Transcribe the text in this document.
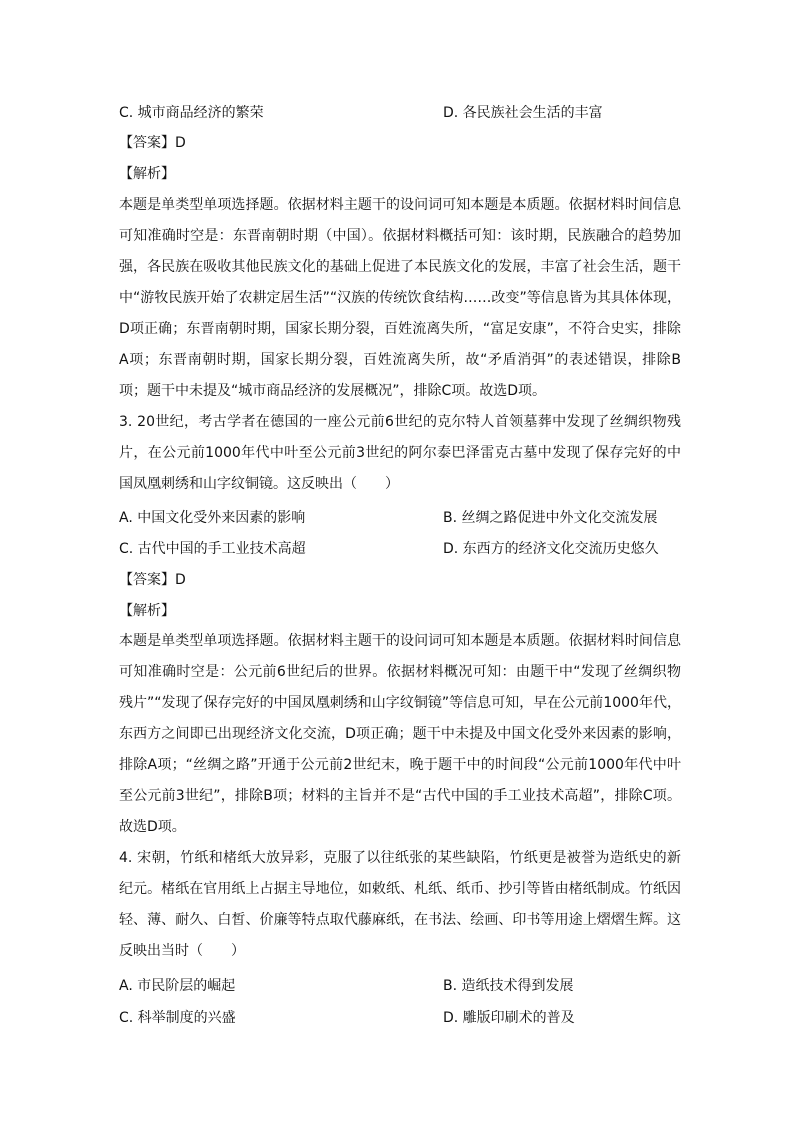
C. 城市商品经济的繁荣	D. 各民族社会生活的丰富
【答案】D
【解析】
本题是单类型单项选择题。依据材料主题干的设问词可知本题是本质题。依据材料时间信息可知准确时空是：东晋南朝时期（中国）。依据材料概括可知：该时期，民族融合的趋势加强，各民族在吸收其他民族文化的基础上促进了本民族文化的发展，丰富了社会生活，题干中“游牧民族开始了农耕定居生活”“汉族的传统饮食结构……改变”等信息皆为其具体体现，D项正确；东晋南朝时期，国家长期分裂，百姓流离失所，“富足安康”，不符合史实，排除A项；东晋南朝时期，国家长期分裂，百姓流离失所，故“矛盾消弭”的表述错误，排除B项；题干中未提及“城市商品经济的发展概况”，排除C项。故选D项。
3. 20世纪，考古学者在德国的一座公元前6世纪的克尔特人首领墓葬中发现了丝绸织物残片，在公元前1000年代中叶至公元前3世纪的阿尔泰巴泽雷克古墓中发现了保存完好的中国凤凰刺绣和山字纹铜镜。这反映出（　　）
A. 中国文化受外来因素的影响	B. 丝绸之路促进中外文化交流发展
C. 古代中国的手工业技术高超	D. 东西方的经济文化交流历史悠久
【答案】D
【解析】
本题是单类型单项选择题。依据材料主题干的设问词可知本题是本质题。依据材料时间信息可知准确时空是：公元前6世纪后的世界。依据材料概况可知：由题干中“发现了丝绸织物残片”“发现了保存完好的中国凤凰刺绣和山字纹铜镜”等信息可知，早在公元前1000年代，东西方之间即已出现经济文化交流，D项正确；题干中未提及中国文化受外来因素的影响，排除A项；“丝绸之路”开通于公元前2世纪末，晚于题干中的时间段“公元前1000年代中叶至公元前3世纪”，排除B项；材料的主旨并不是“古代中国的手工业技术高超”，排除C项。故选D项。
4. 宋朝，竹纸和楮纸大放异彩，克服了以往纸张的某些缺陷，竹纸更是被誉为造纸史的新纪元。楮纸在官用纸上占据主导地位，如敕纸、札纸、纸币、抄引等皆由楮纸制成。竹纸因轻、薄、耐久、白皙、价廉等特点取代藤麻纸，在书法、绘画、印书等用途上熠熠生辉。这反映出当时（　　）
A. 市民阶层的崛起	B. 造纸技术得到发展
C. 科举制度的兴盛	D. 雕版印刷术的普及
